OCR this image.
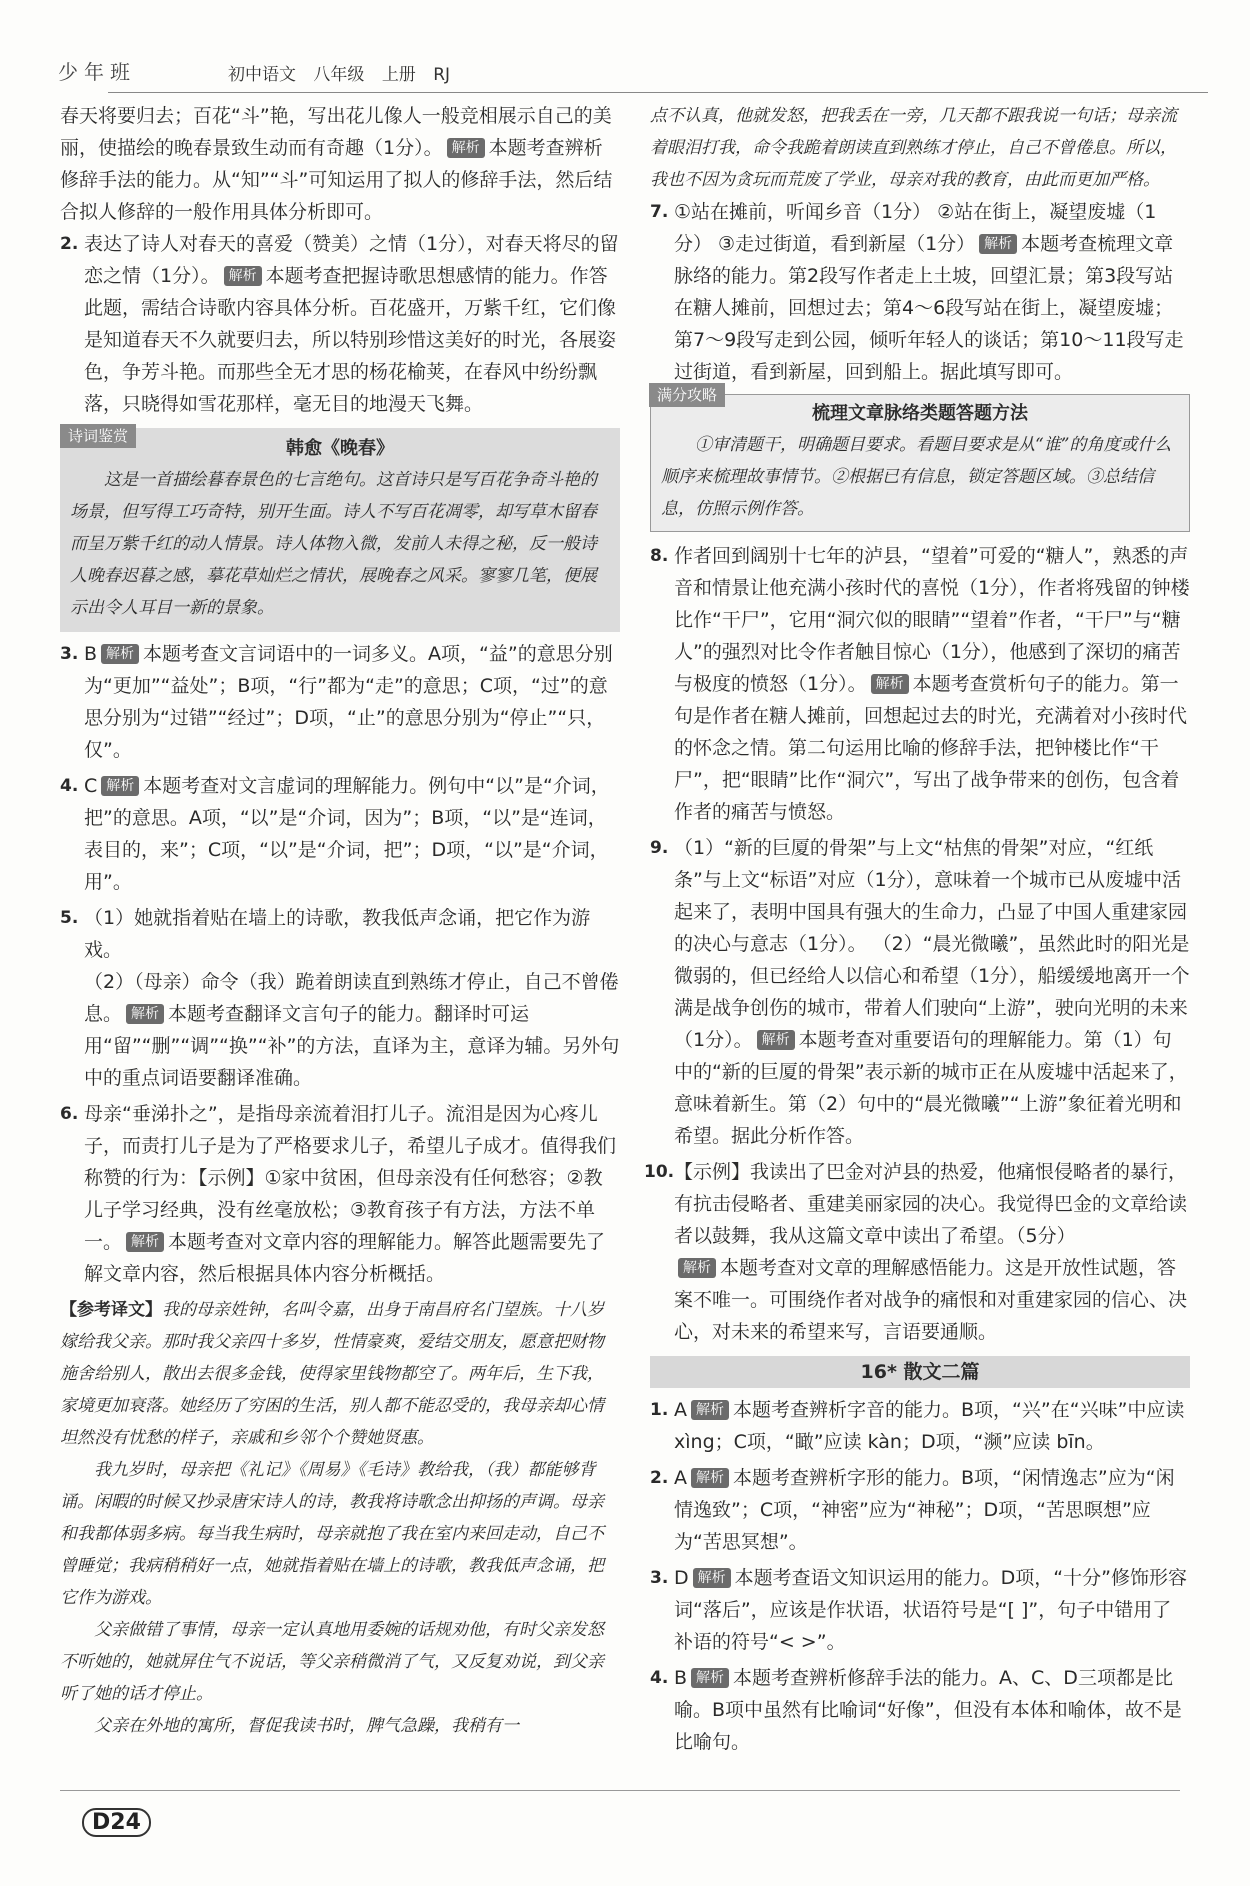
少年班	初中语文 八年级 上册 RJ

春天将要归去；百花“斗”艳，写出花儿像人一般竞相展示自己的美丽，使描绘的晚春景致生动而有奇趣（1分）。 解析 本题考查辨析修辞手法的能力。从“知”“斗”可知运用了拟人的修辞手法，然后结合拟人修辞的一般作用具体分析即可。

2. 表达了诗人对春天的喜爱（赞美）之情（1分），对春天将尽的留恋之情（1分）。 解析 本题考查把握诗歌思想感情的能力。作答此题，需结合诗歌内容具体分析。百花盛开，万紫千红，它们像是知道春天不久就要归去，所以特别珍惜这美好的时光，各展姿色，争芳斗艳。而那些全无才思的杨花榆荚，在春风中纷纷飘落，只晓得如雪花那样，毫无目的地漫天飞舞。
诗词鉴赏
韩愈《晚春》
这是一首描绘暮春景色的七言绝句。这首诗只是写百花争奇斗艳的场景，但写得工巧奇特，别开生面。诗人不写百花凋零，却写草木留春而呈万紫千红的动人情景。诗人体物入微，发前人未得之秘，反一般诗人晚春迟暮之感，摹花草灿烂之情状，展晚春之风采。寥寥几笔，便展示出令人耳目一新的景象。
3. B 解析 本题考查文言词语中的一词多义。A项，“益”的意思分别为“更加”“益处”；B项，“行”都为“走”的意思；C项，“过”的意思分别为“过错”“经过”；D项，“止”的意思分别为“停止”“只，仅”。
4. C 解析 本题考查对文言虚词的理解能力。例句中“以”是“介词，把”的意思。A项，“以”是“介词，因为”；B项，“以”是“连词，表目的，来”；C项，“以”是“介词，把”；D项，“以”是“介词，用”。
5. （1）她就指着贴在墙上的诗歌，教我低声念诵，把它作为游戏。
（2）（母亲）命令（我）跪着朗读直到熟练才停止，自己不曾倦息。 解析 本题考查翻译文言句子的能力。翻译时可运用“留”“删”“调”“换”“补”的方法，直译为主，意译为辅。另外句中的重点词语要翻译准确。
6. 母亲“垂涕扑之”，是指母亲流着泪打儿子。流泪是因为心疼儿子，而责打儿子是为了严格要求儿子，希望儿子成才。值得我们称赞的行为：【示例】①家中贫困，但母亲没有任何愁容；②教儿子学习经典，没有丝毫放松；③教育孩子有方法，方法不单一。 解析 本题考查对文章内容的理解能力。解答此题需要先了解文章内容，然后根据具体内容分析概括。
【参考译文】我的母亲姓钟，名叫令嘉，出身于南昌府名门望族。十八岁嫁给我父亲。那时我父亲四十多岁，性情豪爽，爱结交朋友，愿意把财物施舍给别人，散出去很多金钱，使得家里钱物都空了。两年后，生下我，家境更加衰落。她经历了穷困的生活，别人都不能忍受的，我母亲却心情坦然没有忧愁的样子，亲戚和乡邻个个赞她贤惠。
我九岁时，母亲把《礼记》《周易》《毛诗》教给我，（我）都能够背诵。闲暇的时候又抄录唐宋诗人的诗，教我将诗歌念出抑扬的声调。母亲和我都体弱多病。每当我生病时，母亲就抱了我在室内来回走动，自己不曾睡觉；我病稍稍好一点，她就指着贴在墙上的诗歌，教我低声念诵，把它作为游戏。
父亲做错了事情，母亲一定认真地用委婉的话规劝他，有时父亲发怒不听她的，她就屏住气不说话，等父亲稍微消了气，又反复劝说，到父亲听了她的话才停止。
父亲在外地的寓所，督促我读书时，脾气急躁，我稍有一
点不认真，他就发怒，把我丢在一旁，几天都不跟我说一句话；母亲流着眼泪打我，命令我跪着朗读直到熟练才停止，自己不曾倦息。所以，我也不因为贪玩而荒废了学业，母亲对我的教育，由此而更加严格。
7. ①站在摊前，听闻乡音（1分） ②站在街上，凝望废墟（1分） ③走过街道，看到新屋（1分） 解析 本题考查梳理文章脉络的能力。第2段写作者走上土坡，回望汇景；第3段写站在糖人摊前，回想过去；第4～6段写站在街上，凝望废墟；第7～9段写走到公园，倾听年轻人的谈话；第10～11段写走过街道，看到新屋，回到船上。据此填写即可。
满分攻略
梳理文章脉络类题答题方法
①审清题干，明确题目要求。看题目要求是从“谁”的角度或什么顺序来梳理故事情节。②根据已有信息，锁定答题区域。③总结信息，仿照示例作答。
8. 作者回到阔别十七年的泸县，“望着”可爱的“糖人”，熟悉的声音和情景让他充满小孩时代的喜悦（1分），作者将残留的钟楼比作“干尸”，它用“洞穴似的眼睛”“望着”作者，“干尸”与“糖人”的强烈对比令作者触目惊心（1分），他感到了深切的痛苦与极度的愤怒（1分）。 解析 本题考查赏析句子的能力。第一句是作者在糖人摊前，回想起过去的时光，充满着对小孩时代的怀念之情。第二句运用比喻的修辞手法，把钟楼比作“干尸”，把“眼睛”比作“洞穴”，写出了战争带来的创伤，包含着作者的痛苦与愤怒。
9. （1）“新的巨厦的骨架”与上文“枯焦的骨架”对应，“红纸条”与上文“标语”对应（1分），意味着一个城市已从废墟中活起来了，表明中国具有强大的生命力，凸显了中国人重建家园的决心与意志（1分）。 （2）“晨光微曦”，虽然此时的阳光是微弱的，但已经给人以信心和希望（1分），船缓缓地离开一个满是战争创伤的城市，带着人们驶向“上游”，驶向光明的未来（1分）。 解析 本题考查对重要语句的理解能力。第（1）句中的“新的巨厦的骨架”表示新的城市正在从废墟中活起来了，意味着新生。第（2）句中的“晨光微曦”“上游”象征着光明和希望。据此分析作答。
10. 【示例】我读出了巴金对泸县的热爱，他痛恨侵略者的暴行，有抗击侵略者、重建美丽家园的决心。我觉得巴金的文章给读者以鼓舞，我从这篇文章中读出了希望。（5分）
解析 本题考查对文章的理解感悟能力。这是开放性试题，答案不唯一。可围绕作者对战争的痛恨和对重建家园的信心、决心，对未来的希望来写，言语要通顺。
16* 散文二篇
1. A 解析 本题考查辨析字音的能力。B项，“兴”在“兴味”中应读 xìng；C项，“瞰”应读 kàn；D项，“濒”应读 bīn。
2. A 解析 本题考查辨析字形的能力。B项，“闲情逸志”应为“闲情逸致”；C项，“神密”应为“神秘”；D项，“苦思暝想”应为“苦思冥想”。
3. D 解析 本题考查语文知识运用的能力。D项，“十分”修饰形容词“落后”，应该是作状语，状语符号是“[ ]”，句子中错用了补语的符号“< >”。
4. B 解析 本题考查辨析修辞手法的能力。A、C、D三项都是比喻。B项中虽然有比喻词“好像”，但没有本体和喻体，故不是比喻句。
D24
